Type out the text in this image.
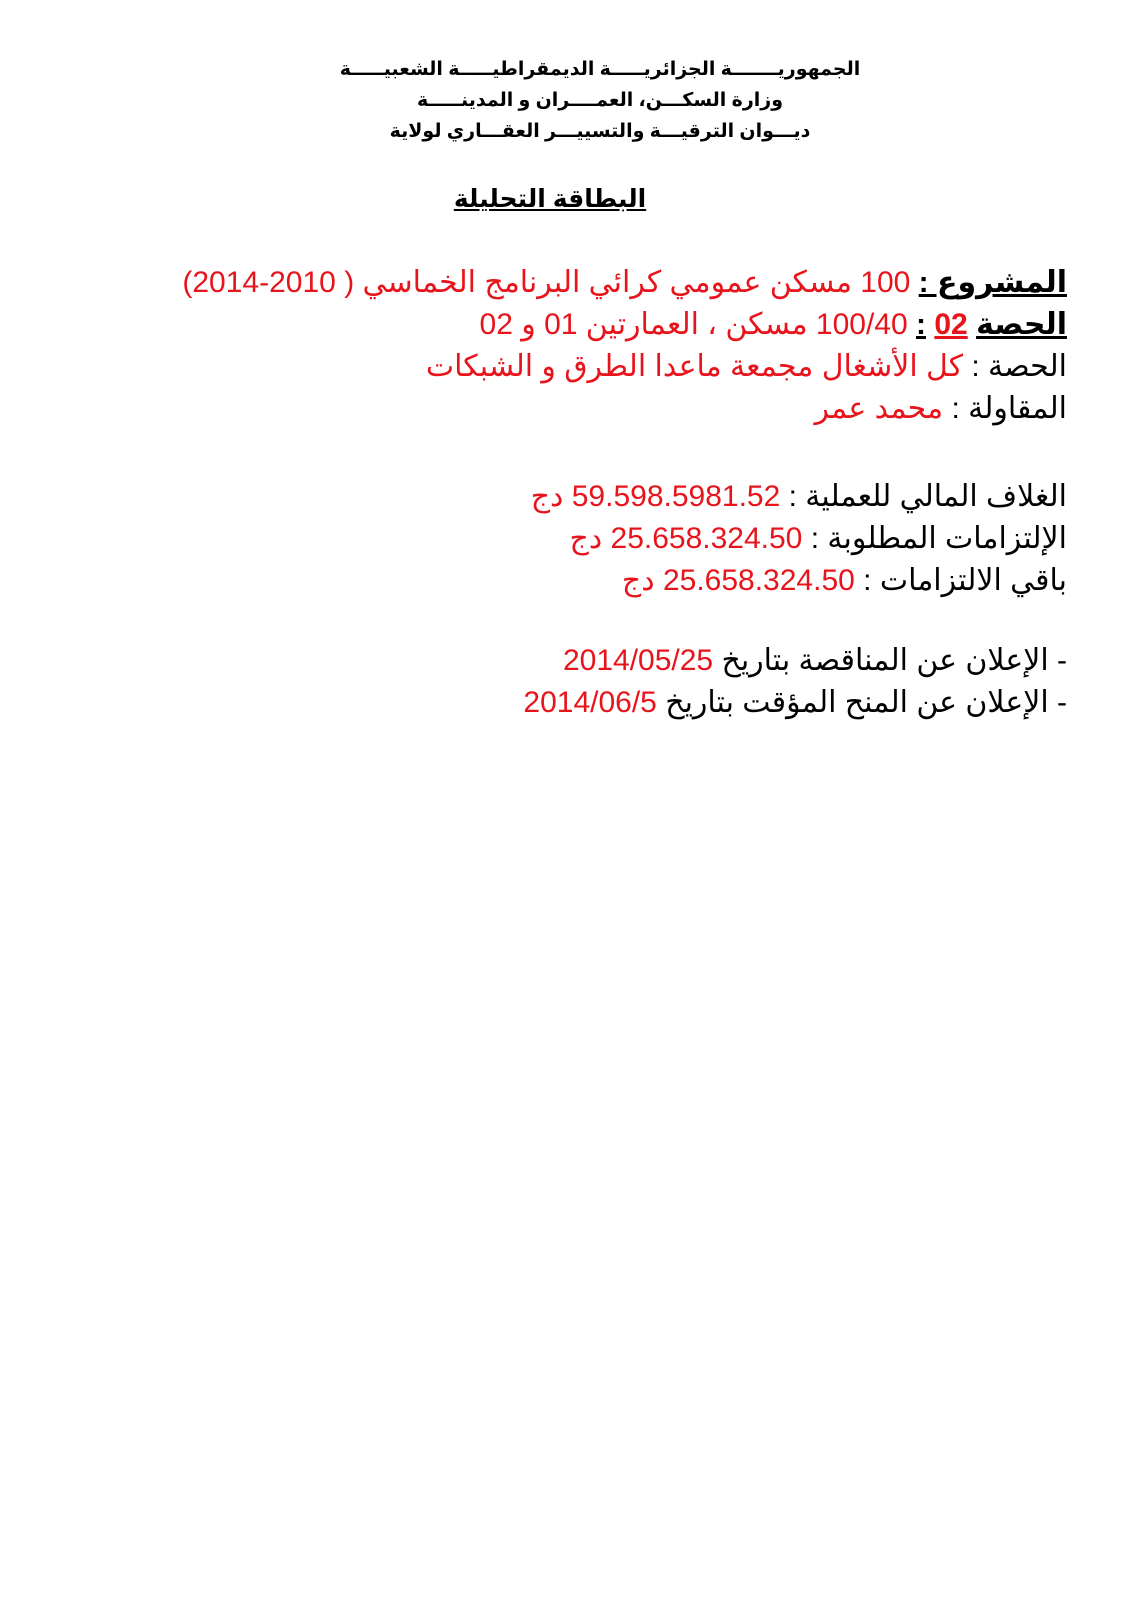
الجمهوريـــــــة الجزائريـــــة الديمقراطيـــــة الشعبيـــــة
وزارة السكـــن، العمــــران و المدينـــــة
ديـــوان الترقيـــة والتسييـــر العقـــاري لولاية
البطاقة التحليلة
المشروع : 100 مسكن عمومي كرائي البرنامج الخماسي ( 2010-2014)
الحصة 02 : 100/40 مسكن ، العمارتين 01 و 02
الحصة : كل الأشغال مجمعة ماعدا الطرق و الشبكات
المقاولة : محمد عمر
الغلاف المالي للعملية : 59.598.5981.52 دج
الإلتزامات المطلوبة : 25.658.324.50 دج
باقي الالتزامات : 25.658.324.50 دج
- الإعلان عن المناقصة بتاريخ 2014/05/25
- الإعلان عن المنح المؤقت بتاريخ 2014/06/5
